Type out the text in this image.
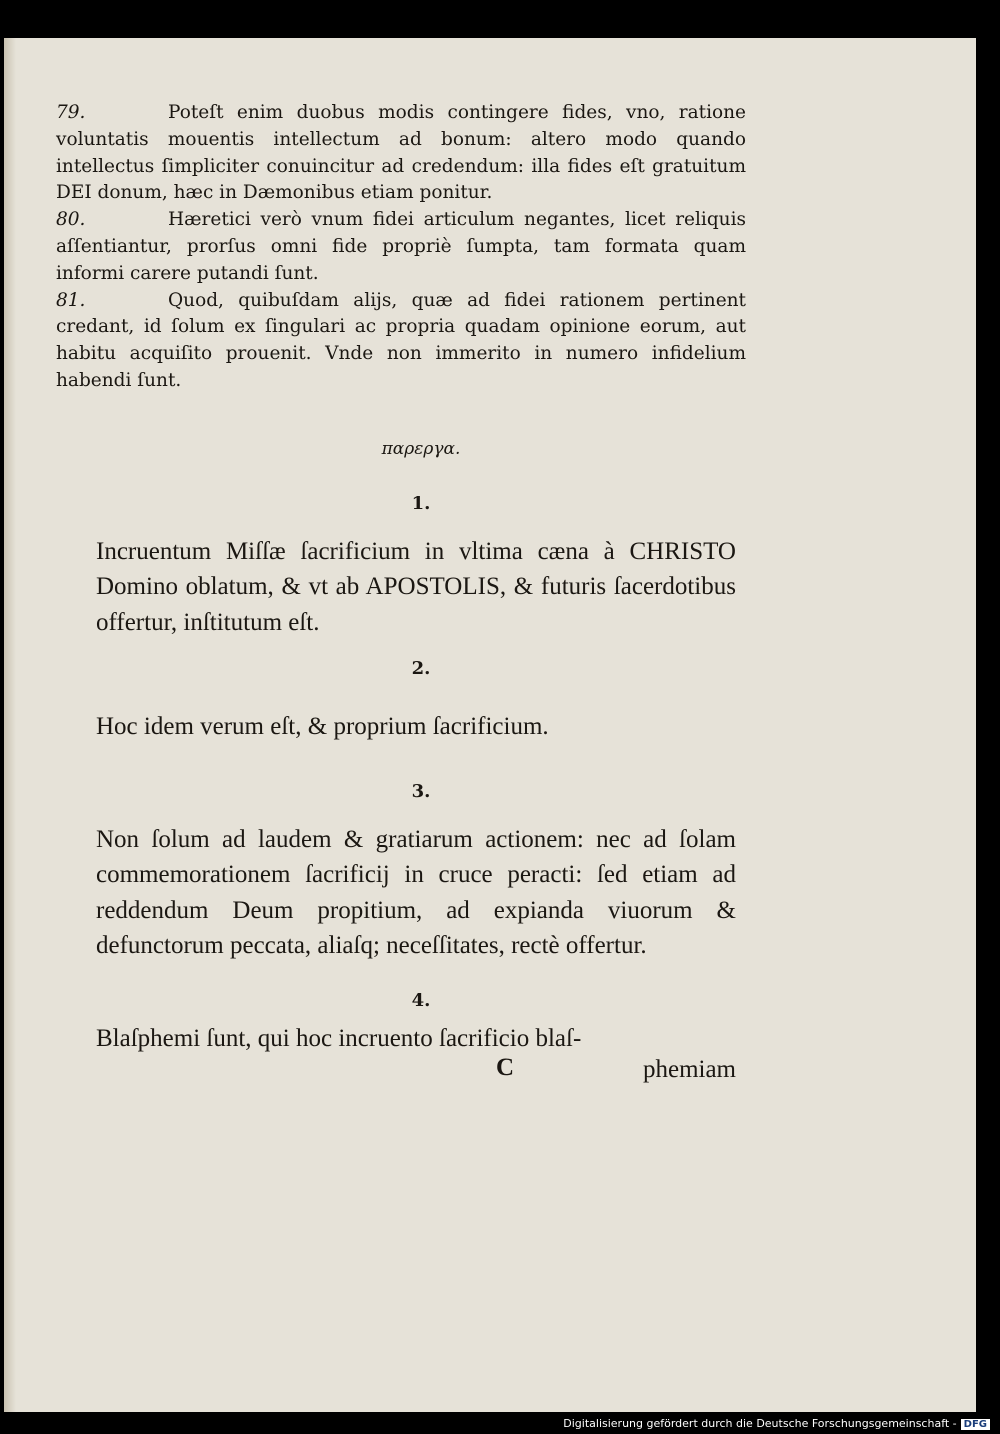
79.	Poteſt enim duobus modis contingere fides, vno, ratione voluntatis mouentis intellectum ad bonum: altero modo quando intellectus ſimpliciter conuincitur ad credendum: illa fides eſt gratuitum DEI donum, hæc in Dæmonibus etiam ponitur.

80.	Hæretici verò vnum fidei articulum negantes, licet reliquis aſſentiantur, prorſus omni fide propriè ſumpta, tam formata quam informi carere putandi ſunt.

81.	Quod, quibuſdam alijs, quæ ad fidei rationem pertinent credant, id ſolum ex ſingulari ac propria quadam opinione eorum, aut habitu acquiſito prouenit. Vnde non immerito in numero infidelium habendi ſunt.

παρεργα.

1.

Incruentum Miſſæ ſacrificium in vltima cæna à CHRISTO Domino oblatum, & vt ab APOSTOLIS, & futuris ſacerdotibus offertur, inſtitutum eſt.

2.

Hoc idem verum eſt, & proprium ſacrificium.

3.

Non ſolum ad laudem & gratiarum actionem: nec ad ſolam commemorationem ſacrificij in cruce peracti: ſed etiam ad reddendum Deum propitium, ad expianda viuorum & defunctorum peccata, aliaſq; neceſſitates, rectè offertur.

4.

Blaſphemi ſunt, qui hoc incruento ſacrificio blaſ-

C	phemiam
Digitalisierung gefördert durch die Deutsche Forschungsgemeinschaft - DFG
